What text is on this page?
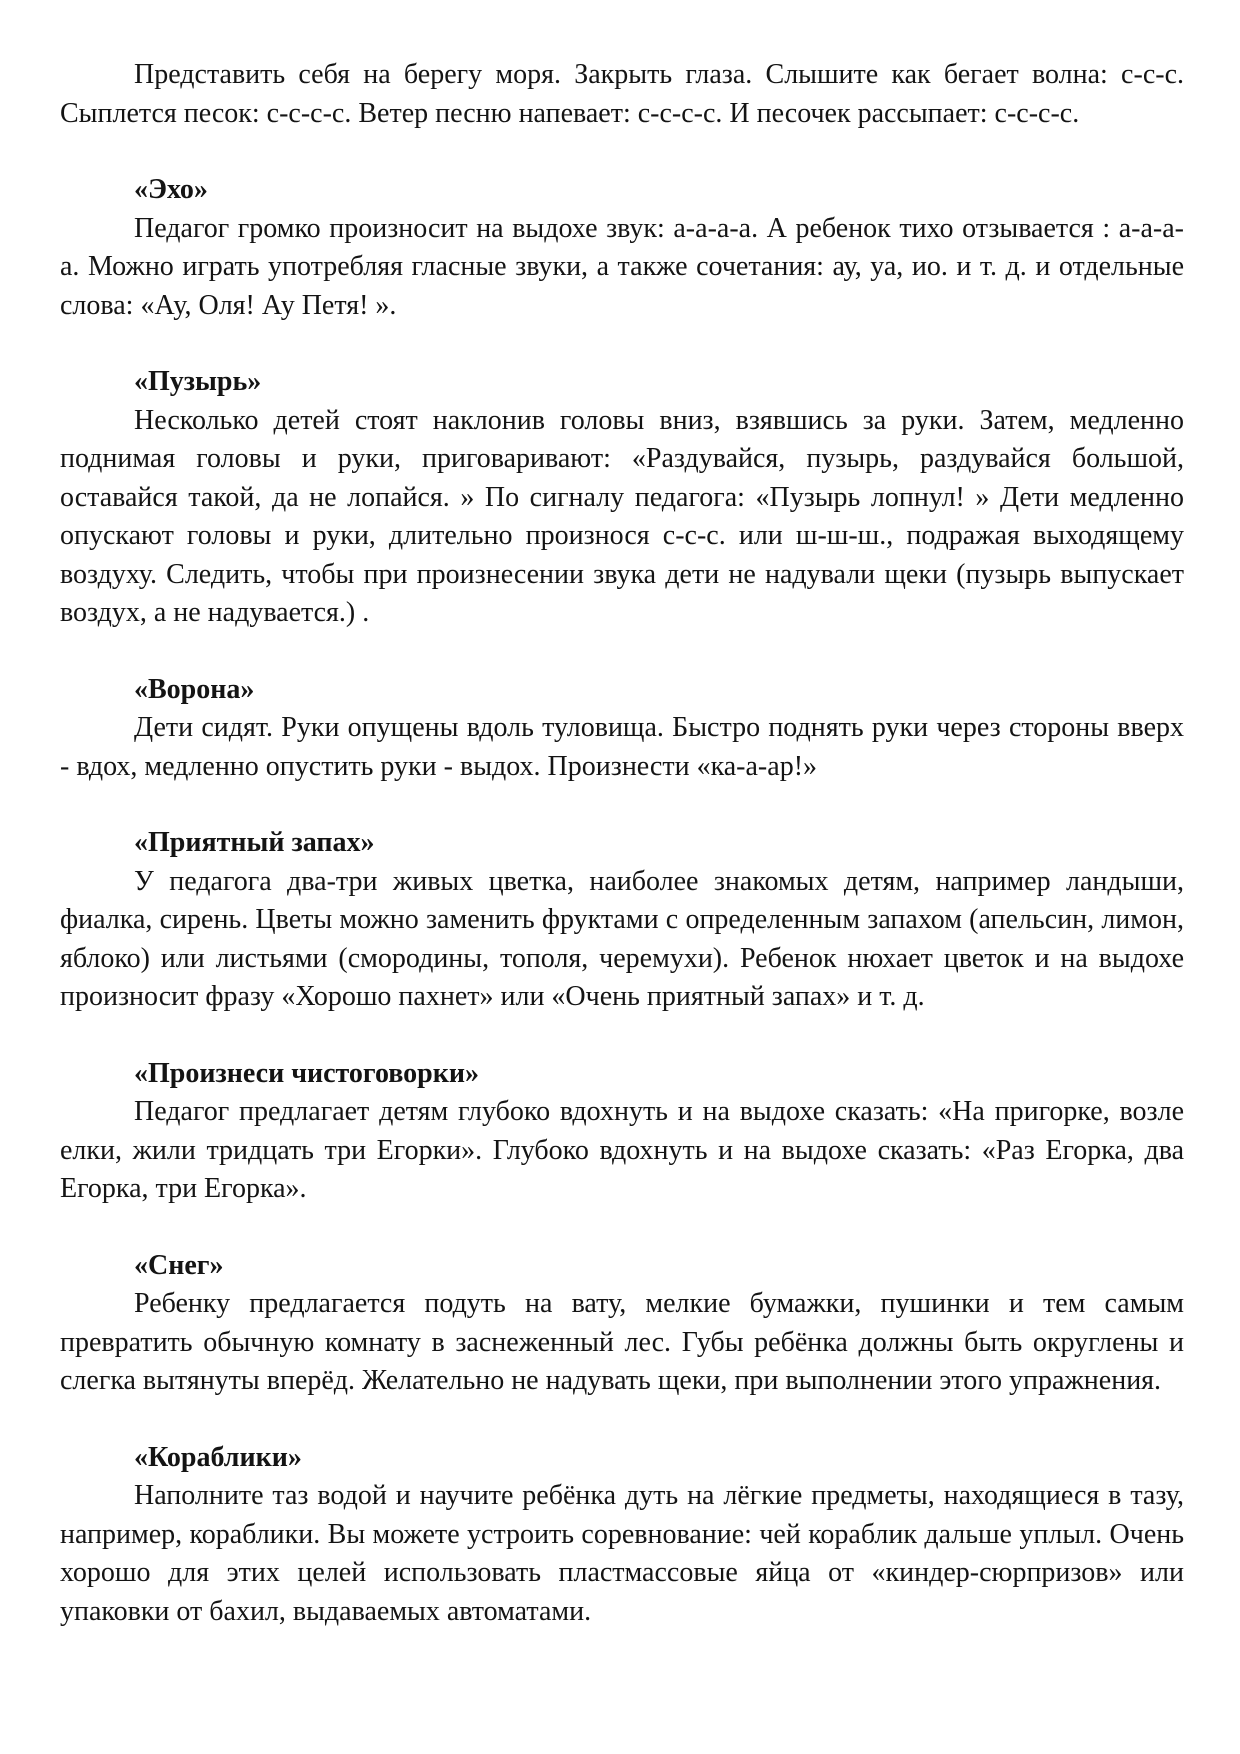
Представить себя на берегу моря. Закрыть глаза. Слышите как бегает волна: с-с-с. Сыплется песок: с-с-с-с. Ветер песню напевает: с-с-с-с. И песочек рассыпает: с-с-с-с.

«Эхо»

Педагог громко произносит на выдохе звук: а-а-а-а. А ребенок тихо отзывается : а-а-а-а. Можно играть употребляя гласные звуки, а также сочетания: ау, уа, ио. и т. д. и отдельные слова: «Ау, Оля! Ау Петя! ».

«Пузырь»

Несколько детей стоят наклонив головы вниз, взявшись за руки. Затем, медленно поднимая головы и руки, приговаривают: «Раздувайся, пузырь, раздувайся большой, оставайся такой, да не лопайся. » По сигналу педагога: «Пузырь лопнул! » Дети медленно опускают головы и руки, длительно произнося с-с-с. или ш-ш-ш., подражая выходящему воздуху. Следить, чтобы при произнесении звука дети не надували щеки (пузырь выпускает воздух, а не надувается.) .

«Ворона»

Дети сидят. Руки опущены вдоль туловища. Быстро поднять руки через стороны вверх - вдох, медленно опустить руки - выдох. Произнести «ка-а-ар!»

«Приятный запах»

У педагога два-три живых цветка, наиболее знакомых детям, например ландыши, фиалка, сирень. Цветы можно заменить фруктами с определенным запахом (апельсин, лимон, яблоко) или листьями (смородины, тополя, черемухи). Ребенок нюхает цветок и на выдохе произносит фразу «Хорошо пахнет» или «Очень приятный запах» и т. д.

«Произнеси чистоговорки»

Педагог предлагает детям глубоко вдохнуть и на выдохе сказать: «На пригорке, возле елки, жили тридцать три Егорки». Глубоко вдохнуть и на выдохе сказать: «Раз Егорка, два Егорка, три Егорка».

«Снег»

Ребенку предлагается подуть на вату, мелкие бумажки, пушинки и тем самым превратить обычную комнату в заснеженный лес. Губы ребёнка должны быть округлены и слегка вытянуты вперёд. Желательно не надувать щеки, при выполнении этого упражнения.

«Кораблики»

Наполните таз водой и научите ребёнка дуть на лёгкие предметы, находящиеся в тазу, например, кораблики. Вы можете устроить соревнование: чей кораблик дальше уплыл. Очень хорошо для этих целей использовать пластмассовые яйца от «киндер-сюрпризов» или упаковки от бахил, выдаваемых автоматами.
